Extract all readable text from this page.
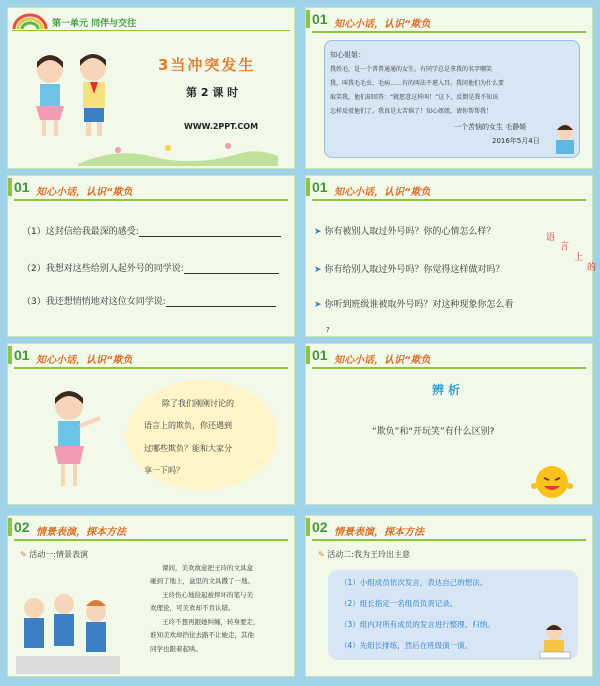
第一单元 同伴与交往
3当冲突发生
第 2 课 时
WWW.2PPT.COM
01 知心小话，认识“欺负
知心姐姐：
我姓毛，是一个普普通通的女生。有同学总是拿我的名字嘲笑
我，叫我毛毛虫、毛病……有的叫法不堪入耳。我问他们为什么要
取笑我，他们却回答：“就愿意这样叫！”这下，反倒是我不知该
怎样反驳他们了。我真是太苦恼了！知心姐姐，请你帮帮我！
一个苦恼的女生 毛静媛
2016年5月4日
01 知心小话，认识“欺负
（1）这封信给我最深的感受:
（2）我想对这些给别人起外号的同学说:
（3）我还想悄悄地对这位女同学说:
01 知心小话，认识“欺负
➤ 你有被别人取过外号吗？你的心情怎么样？
➤ 你有给别人取过外号吗？你觉得这样做对吗？
➤ 你听到班级谁被取外号吗？对这种现象你怎么看
?
语
言
上
的
01 知心小话，认识“欺负
除了我们刚刚讨论的
语言上的欺负，你还遇到
过哪些欺负？能和大家分
享一下吗？
01 知心小话，认识“欺负
辨 析
“欺负”和“开玩笑”有什么区别?
02 情景表演，探本方法
✎ 活动一:情景表演
课间，美欢故意把王玲的文具盒
碰到了地上，盒里的文具撒了一地。
王玲伤心地捡起被摔坏的笔与美
欢理论，可美欢却不肯认错。
王玲不想再跟她纠缠，转身要走，
谁知美欢却挡住去路不让她走，其他
同学也跟着起哄。
02 情景表演，探本方法
✎ 活动二:我为王玲出主意
（1）小组成员依次发言，表达自己的想法。
（2）组长指定一名组员负责记录。
（3）组内对所有成员的发言进行整理、归纳。
（4）先组长排练，然后在班级演一演。
